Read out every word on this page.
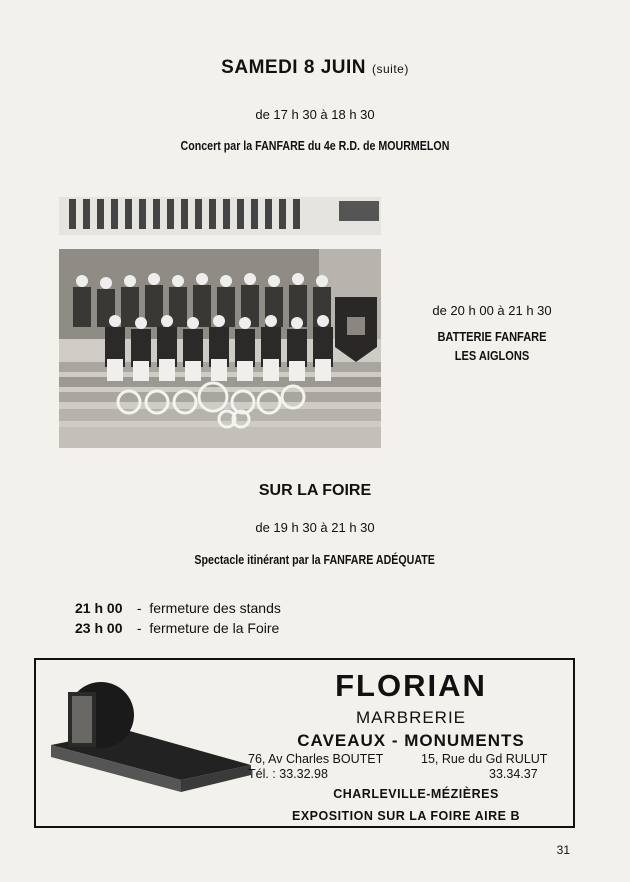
SAMEDI 8 JUIN (suite)
de 17 h 30 à 18 h 30
Concert par la FANFARE du 4e R.D. de MOURMELON
de 20 h 00 à 21 h 30
BATTERIE FANFARE
LES AIGLONS
SUR LA FOIRE
de 19 h 30 à 21 h 30
Spectacle itinérant par la FANFARE ADÉQUATE
21 h 00 -  fermeture des stands
23 h 00 -  fermeture de la Foire
FLORIAN
MARBRERIE
CAVEAUX - MONUMENTS
76, Av Charles BOUTET	15, Rue du Gd RULUT
Tél. : 33.32.98	33.34.37
CHARLEVILLE-MÉZIÈRES
EXPOSITION SUR LA FOIRE AIRE B
31
